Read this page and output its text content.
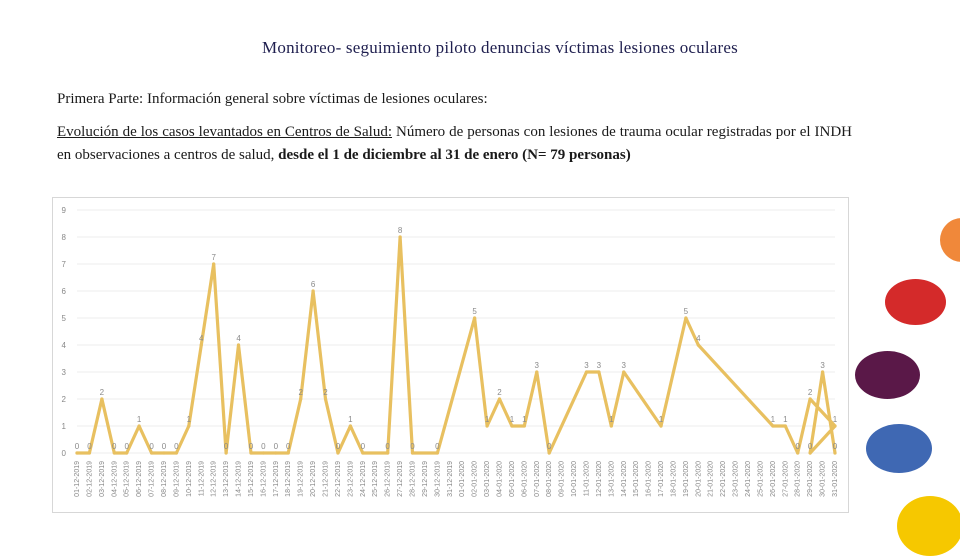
Monitoreo- seguimiento piloto denuncias víctimas lesiones oculares
Primera Parte: Información general sobre víctimas de lesiones oculares:
Evolución de los casos levantados en Centros de Salud: Número de personas con lesiones de trauma ocular registradas por el INDH en observaciones a centros de salud, desde el 1 de diciembre al 31 de enero (N= 79 personas)
0
1
2
3
4
5
6
7
8
9
01-12-2019 02-12-2019 03-12-2019 04-12-2019 05-12-2019 06-12-2019 07-12-2019 08-12-2019 09-12-2019 10-12-2019 11-12-2019 12-12-2019 13-12-2019 14-12-2019 15-12-2019 16-12-2019 17-12-2019 18-12-2019 19-12-2019 20-12-2019 21-12-2019 22-12-2019 23-12-2019 24-12-2019 25-12-2019 26-12-2019 27-12-2019 28-12-2019 29-12-2019 30-12-2019 31-12-2019 01-01-2020 02-01-2020 03-01-2020 04-01-2020 05-01-2020 06-01-2020 07-01-2020 08-01-2020 09-01-2020 10-01-2020 11-01-2020 12-01-2020 13-01-2020 14-01-2020 15-01-2020 16-01-2020 17-01-2020 18-01-2020 19-01-2020 20-01-2020 21-01-2020 22-01-2020 23-01-2020 24-01-2020 25-01-2020 26-01-2020 27-01-2020 28-01-2020 29-01-2020 30-01-2020 31-01-2020
0 0
2
0 0
1
0 0 0
1
4
7
0
4
0 0 0 0
2
6
2
0
1
0	0
8
0	0
5
1
2
1 1
3
0
3 3
1
3
1
5
4
1 1
0
2
1
0
3
0
